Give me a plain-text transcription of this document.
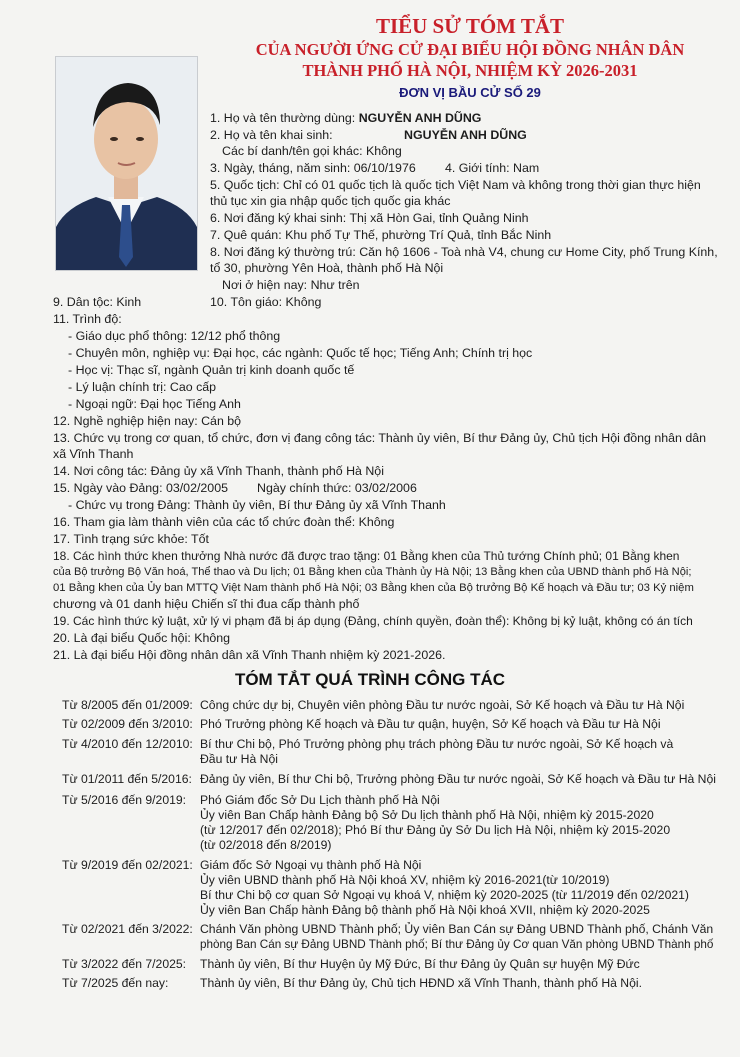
TIỂU SỬ TÓM TẮT
CỦA NGƯỜI ỨNG CỬ ĐẠI BIỂU HỘI ĐỒNG NHÂN DÂN
THÀNH PHỐ HÀ NỘI, NHIỆM KỲ 2026-2031
ĐƠN VỊ BẦU CỬ SỐ 29
1. Họ và tên thường dùng: NGUYỄN ANH DŨNG
2. Họ và tên khai sinh:	NGUYỄN ANH DŨNG
Các bí danh/tên gọi khác: Không
3. Ngày, tháng, năm sinh: 06/10/1976 4. Giới tính: Nam
5. Quốc tịch: Chỉ có 01 quốc tịch là quốc tịch Việt Nam và không trong thời gian thực hiện
thủ tục xin gia nhập quốc tịch quốc gia khác
6. Nơi đăng ký khai sinh: Thị xã Hòn Gai, tỉnh Quảng Ninh
7. Quê quán: Khu phố Tự Thế, phường Trí Quả, tỉnh Bắc Ninh
8. Nơi đăng ký thường trú: Căn hộ 1606 - Toà nhà V4, chung cư Home City, phố Trung Kính,
tổ 30, phường Yên Hoà, thành phố Hà Nội
Nơi ở hiện nay: Như trên
9. Dân tộc: Kinh	10. Tôn giáo: Không
11. Trình độ:
- Giáo dục phổ thông: 12/12 phổ thông
- Chuyên môn, nghiệp vụ: Đại học, các ngành: Quốc tế học; Tiếng Anh; Chính trị học
- Học vị: Thạc sĩ, ngành Quản trị kinh doanh quốc tế
- Lý luận chính trị: Cao cấp
- Ngoại ngữ: Đại học Tiếng Anh
12. Nghề nghiệp hiện nay: Cán bộ
13. Chức vụ trong cơ quan, tổ chức, đơn vị đang công tác: Thành ủy viên, Bí thư Đảng ủy, Chủ tịch Hội đồng nhân dân
xã Vĩnh Thanh
14. Nơi công tác: Đảng ủy xã Vĩnh Thanh, thành phố Hà Nội
15. Ngày vào Đảng: 03/02/2005 Ngày chính thức: 03/02/2006
- Chức vụ trong Đảng: Thành ủy viên, Bí thư Đảng ủy xã Vĩnh Thanh
16. Tham gia làm thành viên của các tổ chức đoàn thể: Không
17. Tình trạng sức khỏe: Tốt
18. Các hình thức khen thưởng Nhà nước đã được trao tặng: 01 Bằng khen của Thủ tướng Chính phủ; 01 Bằng khen
của Bộ trưởng Bộ Văn hoá, Thể thao và Du lịch; 01 Bằng khen của Thành ủy Hà Nội; 13 Bằng khen của UBND thành phố Hà Nội;
01 Bằng khen của Ủy ban MTTQ Việt Nam thành phố Hà Nội; 03 Bằng khen của Bộ trưởng Bộ Kế hoạch và Đầu tư; 03 Kỷ niệm
chương và 01 danh hiệu Chiến sĩ thi đua cấp thành phố
19. Các hình thức kỷ luật, xử lý vi phạm đã bị áp dụng (Đảng, chính quyền, đoàn thể): Không bị kỷ luật, không có án tích
20. Là đại biểu Quốc hội: Không
21. Là đại biểu Hội đồng nhân dân xã Vĩnh Thanh nhiệm kỳ 2021-2026.
TÓM TẮT QUÁ TRÌNH CÔNG TÁC
Từ 8/2005 đến 01/2009: Công chức dự bị, Chuyên viên phòng Đầu tư nước ngoài, Sở Kế hoạch và Đầu tư Hà Nội
Từ 02/2009 đến 3/2010: Phó Trưởng phòng Kế hoạch và Đầu tư quận, huyện, Sở Kế hoạch và Đầu tư Hà Nội
Từ 4/2010 đến 12/2010: Bí thư Chi bộ, Phó Trưởng phòng phụ trách phòng Đầu tư nước ngoài, Sở Kế hoạch và
Đầu tư Hà Nội
Từ 01/2011 đến 5/2016: Đảng ủy viên, Bí thư Chi bộ, Trưởng phòng Đầu tư nước ngoài, Sở Kế hoạch và Đầu tư Hà Nội
Từ 5/2016 đến 9/2019: Phó Giám đốc Sở Du Lịch thành phố Hà Nội
Ủy viên Ban Chấp hành Đảng bộ Sở Du lịch thành phố Hà Nội, nhiệm kỳ 2015-2020
(từ 12/2017 đến 02/2018); Phó Bí thư Đảng ủy Sở Du lịch Hà Nội, nhiệm kỳ 2015-2020
(từ 02/2018 đến 8/2019)
Từ 9/2019 đến 02/2021: Giám đốc Sở Ngoại vụ thành phố Hà Nội
Ủy viên UBND thành phố Hà Nội khoá XV, nhiệm kỳ 2016-2021(từ 10/2019)
Bí thư Chi bộ cơ quan Sở Ngoại vụ khoá V, nhiệm kỳ 2020-2025 (từ 11/2019 đến 02/2021)
Ủy viên Ban Chấp hành Đảng bộ thành phố Hà Nội khoá XVII, nhiệm kỳ 2020-2025
Từ 02/2021 đến 3/2022: Chánh Văn phòng UBND Thành phố; Ủy viên Ban Cán sự Đảng UBND Thành phố, Chánh Văn
phòng Ban Cán sự Đảng UBND Thành phố; Bí thư Đảng ủy Cơ quan Văn phòng UBND Thành phố
Từ 3/2022 đến 7/2025: Thành ủy viên, Bí thư Huyện ủy Mỹ Đức, Bí thư Đảng ủy Quân sự huyện Mỹ Đức
Từ 7/2025 đến nay:	Thành ủy viên, Bí thư Đảng ủy, Chủ tịch HĐND xã Vĩnh Thanh, thành phố Hà Nội.
